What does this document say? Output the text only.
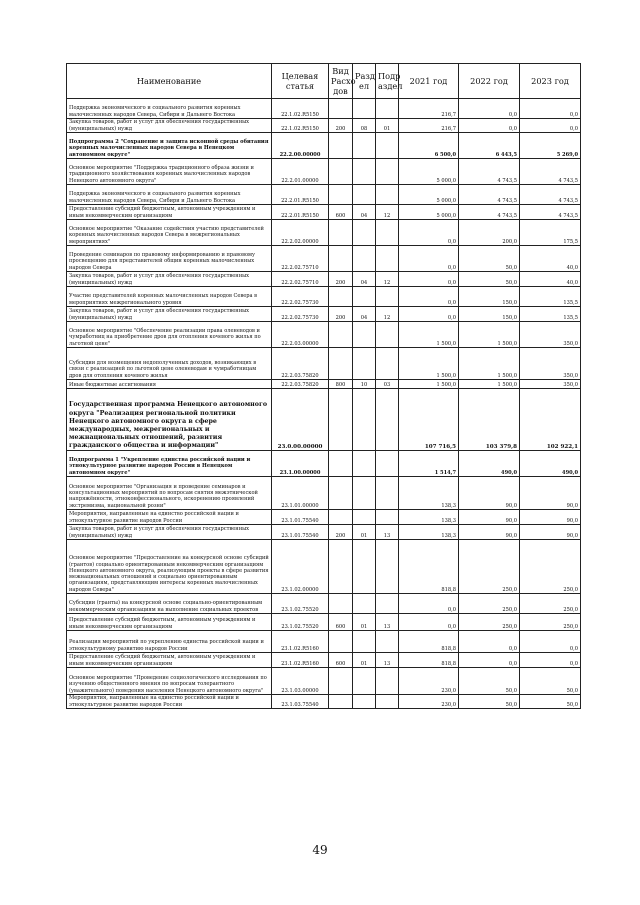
Наименование	Целевая статья	Вид Расхо дов	Разд ел	Подр аздел	2021 год	2022 год	2023 год
Поддержка экономического и социального развития коренных малочисленных народов Севера, Сибири и Дальнего Востока	22.1.02.R5150				216,7	0,0	0,0
Закупка товаров, работ и услуг для обеспечения государственных (муниципальных) нужд	22.1.02.R5150	200	08	01	216,7	0,0	0,0
Подпрограмма 2 "Сохранение и защита исконной среды обитания коренных малочисленных народов Севера в Ненецком автономном округе"	22.2.00.00000				6 500,0	6 443,5	5 269,0
Основное мероприятие "Поддержка традиционного образа жизни и традиционного хозяйствования коренных малочисленных народов Ненецкого автономного округа"	22.2.01.00000				5 000,0	4 743,5	4 743,5
Поддержка экономического и социального развития коренных малочисленных народов Севера, Сибири и Дальнего Востока	22.2.01.R5150				5 000,0	4 743,5	4 743,5
Предоставление субсидий бюджетным, автономным учреждениям и иным некоммерческим организациям	22.2.01.R5150	600	04	12	5 000,0	4 743,5	4 743,5
Основное мероприятие "Оказание содействия участию представителей коренных малочисленных народов Севера в межрегиональных мероприятиях"	22.2.02.00000				0,0	200,0	175,5
Проведение семинаров по правовому информированию и правовому просвещению для представителей общин коренных малочисленных народов Севера	22.2.02.75710				0,0	50,0	40,0
Закупка товаров, работ и услуг для обеспечения государственных (муниципальных) нужд	22.2.02.75710	200	04	12	0,0	50,0	40,0
Участие представителей коренных малочисленных народов Севера в мероприятиях межрегионального уровня	22.2.02.75730				0,0	150,0	135,5
Закупка товаров, работ и услуг для обеспечения государственных (муниципальных) нужд	22.2.02.75730	200	04	12	0,0	150,0	135,5
Основное мероприятие "Обеспечение реализации права оленеводов и чумработниц на приобретение дров для отопления кочевого жилья по льготной цене"	22.2.03.00000				1 500,0	1 500,0	350,0
Субсидии для возмещения недополученных доходов, возникающих в связи с реализацией по льготной цене оленеводам и чумработницам дров для отопления кочевого жилья	22.2.03.75820				1 500,0	1 500,0	350,0
Иные бюджетные ассигнования	22.2.03.75820	800	10	03	1 500,0	1 500,0	350,0
Государственная программа Ненецкого автономного округа "Реализация региональной политики Ненецкого автономного округа в сфере международных, межрегиональных и межнациональных отношений, развития гражданского общества и информации"	23.0.00.00000				107 716,5	103 379,8	102 922,1
Подпрограмма 1 "Укрепление единства российской нации и этнокультурное развитие народов России в Ненецком автономном округе"	23.1.00.00000				1 514,7	490,0	490,0
Основное мероприятие "Организация и проведение семинаров и консультационных мероприятий по вопросам снятия межэтнической напряжённости, этноконфессионального, искоренению проявлений экстремизма, национальной розни"	23.1.01.00000				138,3	90,0	90,0
Мероприятия, направленные на единство российской нации и этнокультурное развитие народов России	23.1.01.75540				138,3	90,0	90,0
Закупка товаров, работ и услуг для обеспечения государственных (муниципальных) нужд	23.1.01.75540	200	01	13	138,3	90,0	90,0
Основное мероприятие "Предоставление на конкурсной основе субсидий (грантов) социально ориентированным некоммерческим организациям Ненецкого автономного округа, реализующим проекты в сфере развития межнациональных отношений и социально ориентированным организациям, представляющим интересы коренных малочисленных народов Севера"	23.1.02.00000				818,8	250,0	250,0
Субсидии (гранты) на конкурсной основе социально-ориентированным некоммерческим организациям на выполнение социальных проектов	23.1.02.75520				0,0	250,0	250,0
Предоставление субсидий бюджетным, автономным учреждениям и иным некоммерческим организациям	23.1.02.75520	600	01	13	0,0	250,0	250,0
Реализация мероприятий по укреплению единства российской нации и этнокультурному развитию народов России	23.1.02.R5160				818,8	0,0	0,0
Предоставление субсидий бюджетным, автономным учреждениям и иным некоммерческим организациям	23.1.02.R5160	600	01	13	818,8	0,0	0,0
Основное мероприятие "Проведение социологического исследования по изучению общественного мнения по вопросам толерантного (уважительного) поведения населения Ненецкого автономного округа"	23.1.03.00000				230,0	50,0	50,0
Мероприятия, направленные на единство российской нации и этнокультурное развитие народов России	23.1.03.75540				230,0	50,0	50,0
49
